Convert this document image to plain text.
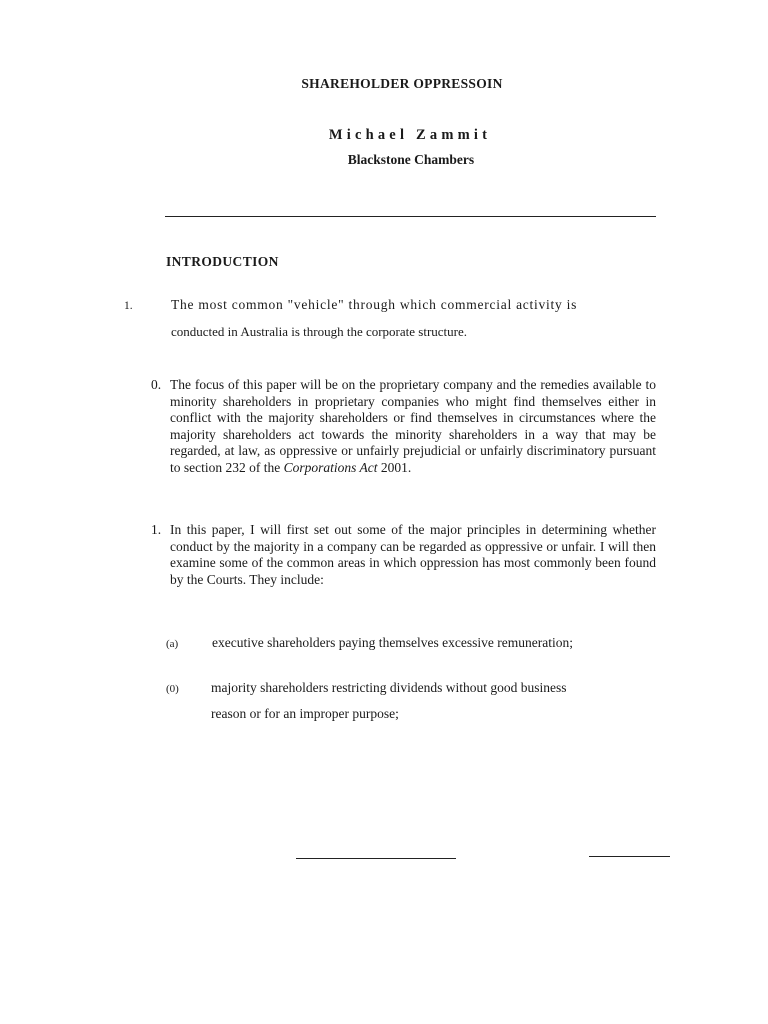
SHAREHOLDER OPPRESSOIN
Michael Zammit
Blackstone Chambers
INTRODUCTION
1.	The most common "vehicle" through which commercial activity is
conducted in Australia is through the corporate structure.

0. The focus of this paper will be on the proprietary company and the remedies available to minority shareholders in proprietary companies who might find themselves either in conflict with the majority shareholders or find themselves in circumstances where the majority shareholders act towards the minority shareholders in a way that may be regarded, at law, as oppressive or unfairly prejudicial or unfairly discriminatory pursuant to section 232 of the Corporations Act 2001.

1. In this paper, I will first set out some of the major principles in determining whether conduct by the majority in a company can be regarded as oppressive or unfair. I will then examine some of the common areas in which oppression has most commonly been found by the Courts. They include:

(a)	executive shareholders paying themselves excessive remuneration;
(0) majority shareholders restricting dividends without good business
reason or for an improper purpose;
